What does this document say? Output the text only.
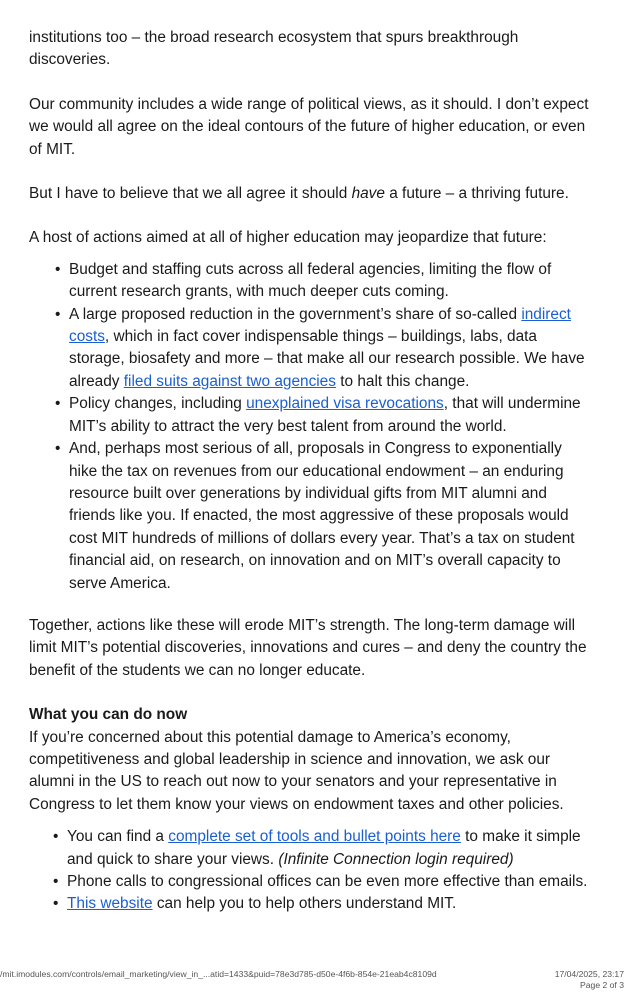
institutions too – the broad research ecosystem that spurs breakthrough discoveries.

Our community includes a wide range of political views, as it should. I don’t expect we would all agree on the ideal contours of the future of higher education, or even of MIT.

But I have to believe that we all agree it should have a future – a thriving future.

A host of actions aimed at all of higher education may jeopardize that future:

• Budget and staffing cuts across all federal agencies, limiting the flow of current research grants, with much deeper cuts coming.
• A large proposed reduction in the government’s share of so-called indirect costs, which in fact cover indispensable things – buildings, labs, data storage, biosafety and more – that make all our research possible. We have already filed suits against two agencies to halt this change.
• Policy changes, including unexplained visa revocations, that will undermine MIT’s ability to attract the very best talent from around the world.
• And, perhaps most serious of all, proposals in Congress to exponentially hike the tax on revenues from our educational endowment – an enduring resource built over generations by individual gifts from MIT alumni and friends like you. If enacted, the most aggressive of these proposals would cost MIT hundreds of millions of dollars every year. That’s a tax on student financial aid, on research, on innovation and on MIT’s overall capacity to serve America.

Together, actions like these will erode MIT’s strength. The long-term damage will limit MIT’s potential discoveries, innovations and cures – and deny the country the benefit of the students we can no longer educate.

What you can do now

If you’re concerned about this potential damage to America’s economy, competitiveness and global leadership in science and innovation, we ask our alumni in the US to reach out now to your senators and your representative in Congress to let them know your views on endowment taxes and other policies.

• You can find a complete set of tools and bullet points here to make it simple and quick to share your views. (Infinite Connection login required)
• Phone calls to congressional offices can be even more effective than emails.
• This website can help you to help others understand MIT.
/mit.imodules.com/controls/email_marketing/view_in_...atid=1433&puid=78e3d785-d50e-4f6b-854e-21eab4c8109d	17/04/2025, 23:17
Page 2 of 3
